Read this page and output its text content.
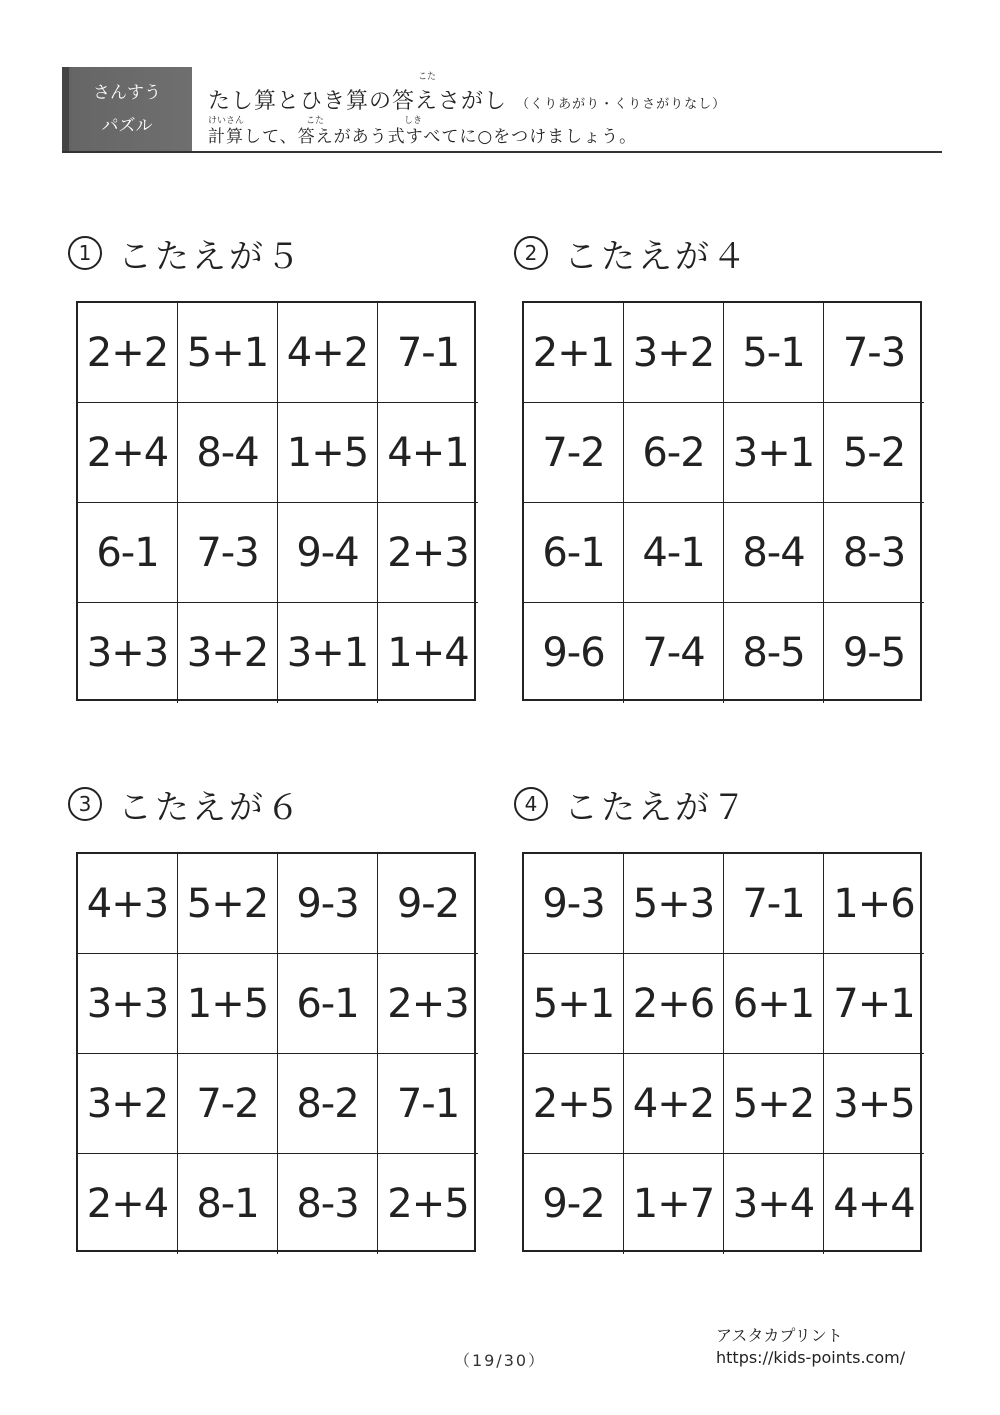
さんすう
パズル
こた
たし算とひき算の答えさがし （くりあがり・くりさがりなし）
けいさん	こた	しき
計算して、答えがあう式すべてに○をつけましょう。
1 こたえが５
2+2 5+1 4+2 7-1
2+4 8-4 1+5 4+1
6-1 7-3 9-4 2+3
3+3 3+2 3+1 1+4
2 こたえが４
2+1 3+2 5-1 7-3
7-2 6-2 3+1 5-2
6-1 4-1 8-4 8-3
9-6 7-4 8-5 9-5
3 こたえが６
4+3 5+2 9-3 9-2
3+3 1+5 6-1 2+3
3+2 7-2 8-2 7-1
2+4 8-1 8-3 2+5
4 こたえが７
9-3 5+3 7-1 1+6
5+1 2+6 6+1 7+1
2+5 4+2 5+2 3+5
9-2 1+7 3+4 4+4
（19/30）
アスタカプリント
https://kids-points.com/
